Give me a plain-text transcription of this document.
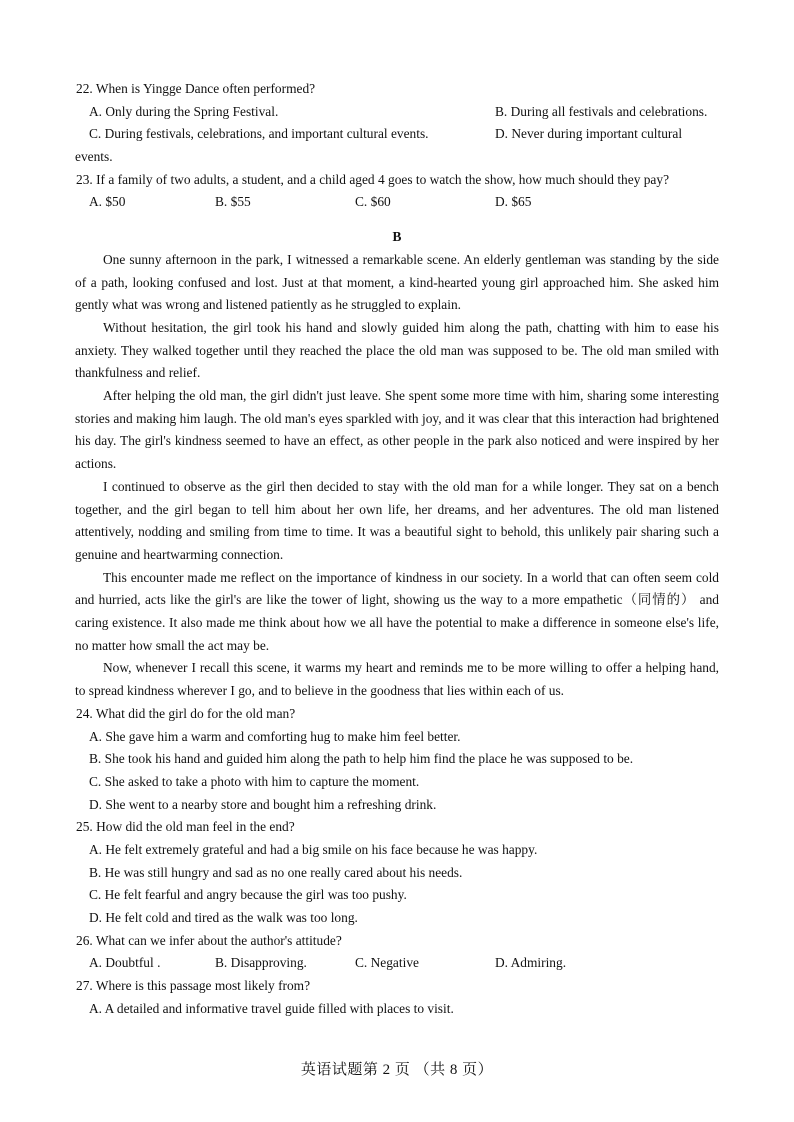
22. When is Yingge Dance often performed?
A. Only during the Spring Festival.	B. During all festivals and celebrations.
C. During festivals, celebrations, and important cultural events.	D. Never during important cultural
events.
23. If a family of two adults, a student, and a child aged 4 goes to watch the show, how much should they pay?
A. $50	B. $55	C. $60	D. $65
B

One sunny afternoon in the park, I witnessed a remarkable scene. An elderly gentleman was standing by the side of a path, looking confused and lost. Just at that moment, a kind-hearted young girl approached him. She asked him gently what was wrong and listened patiently as he struggled to explain.

Without hesitation, the girl took his hand and slowly guided him along the path, chatting with him to ease his anxiety. They walked together until they reached the place the old man was supposed to be. The old man smiled with thankfulness and relief.

After helping the old man, the girl didn't just leave. She spent some more time with him, sharing some interesting stories and making him laugh. The old man's eyes sparkled with joy, and it was clear that this interaction had brightened his day. The girl's kindness seemed to have an effect, as other people in the park also noticed and were inspired by her actions.

I continued to observe as the girl then decided to stay with the old man for a while longer. They sat on a bench together, and the girl began to tell him about her own life, her dreams, and her adventures. The old man listened attentively, nodding and smiling from time to time. It was a beautiful sight to behold, this unlikely pair sharing such a genuine and heartwarming connection.

This encounter made me reflect on the importance of kindness in our society. In a world that can often seem cold and hurried, acts like the girl's are like the tower of light, showing us the way to a more empathetic（同情的） and caring existence. It also made me think about how we all have the potential to make a difference in someone else's life, no matter how small the act may be.

Now, whenever I recall this scene, it warms my heart and reminds me to be more willing to offer a helping hand, to spread kindness wherever I go, and to believe in the goodness that lies within each of us.

24. What did the girl do for the old man?
A. She gave him a warm and comforting hug to make him feel better.
B. She took his hand and guided him along the path to help him find the place he was supposed to be.
C. She asked to take a photo with him to capture the moment.
D. She went to a nearby store and bought him a refreshing drink.
25. How did the old man feel in the end?
A. He felt extremely grateful and had a big smile on his face because he was happy.
B. He was still hungry and sad as no one really cared about his needs.
C. He felt fearful and angry because the girl was too pushy.
D. He felt cold and tired as the walk was too long.
26. What can we infer about the author's attitude?
A. Doubtful .	B. Disapproving.	C. Negative	D. Admiring.
27. Where is this passage most likely from?
A. A detailed and informative travel guide filled with places to visit.
英语试题第 2 页 （共 8 页）
